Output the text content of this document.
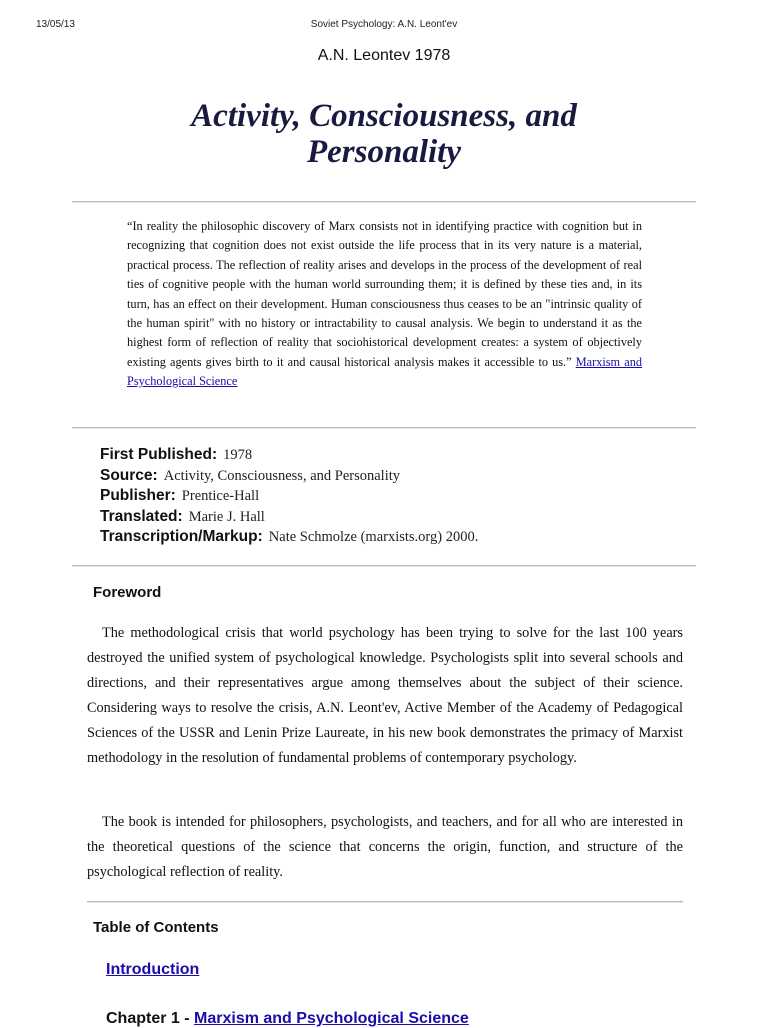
13/05/13	Soviet Psychology: A.N. Leont'ev
A.N. Leontev 1978
Activity, Consciousness, and
Personality
“In reality the philosophic discovery of Marx consists not in identifying practice with cognition but in recognizing that cognition does not exist outside the life process that in its very nature is a material, practical process. The reflection of reality arises and develops in the process of the development of real ties of cognitive people with the human world surrounding them; it is defined by these ties and, in its turn, has an effect on their development. Human consciousness thus ceases to be an "intrinsic quality of the human spirit" with no history or intractability to causal analysis. We begin to understand it as the highest form of reflection of reality that sociohistorical development creates: a system of objectively existing agents gives birth to it and causal historical analysis makes it accessible to us.” Marxism and Psychological Science
First Published: 1978
Source: Activity, Consciousness, and Personality
Publisher: Prentice-Hall
Translated: Marie J. Hall
Transcription/Markup: Nate Schmolze (marxists.org) 2000.
Foreword
The methodological crisis that world psychology has been trying to solve for the last 100 years destroyed the unified system of psychological knowledge. Psychologists split into several schools and directions, and their representatives argue among themselves about the subject of their science. Considering ways to resolve the crisis, A.N. Leont'ev, Active Member of the Academy of Pedagogical Sciences of the USSR and Lenin Prize Laureate, in his new book demonstrates the primacy of Marxist methodology in the resolution of fundamental problems of contemporary psychology.
The book is intended for philosophers, psychologists, and teachers, and for all who are interested in the theoretical questions of the science that concerns the origin, function, and structure of the psychological reflection of reality.
Table of Contents
Introduction
Chapter 1 - Marxism and Psychological Science
